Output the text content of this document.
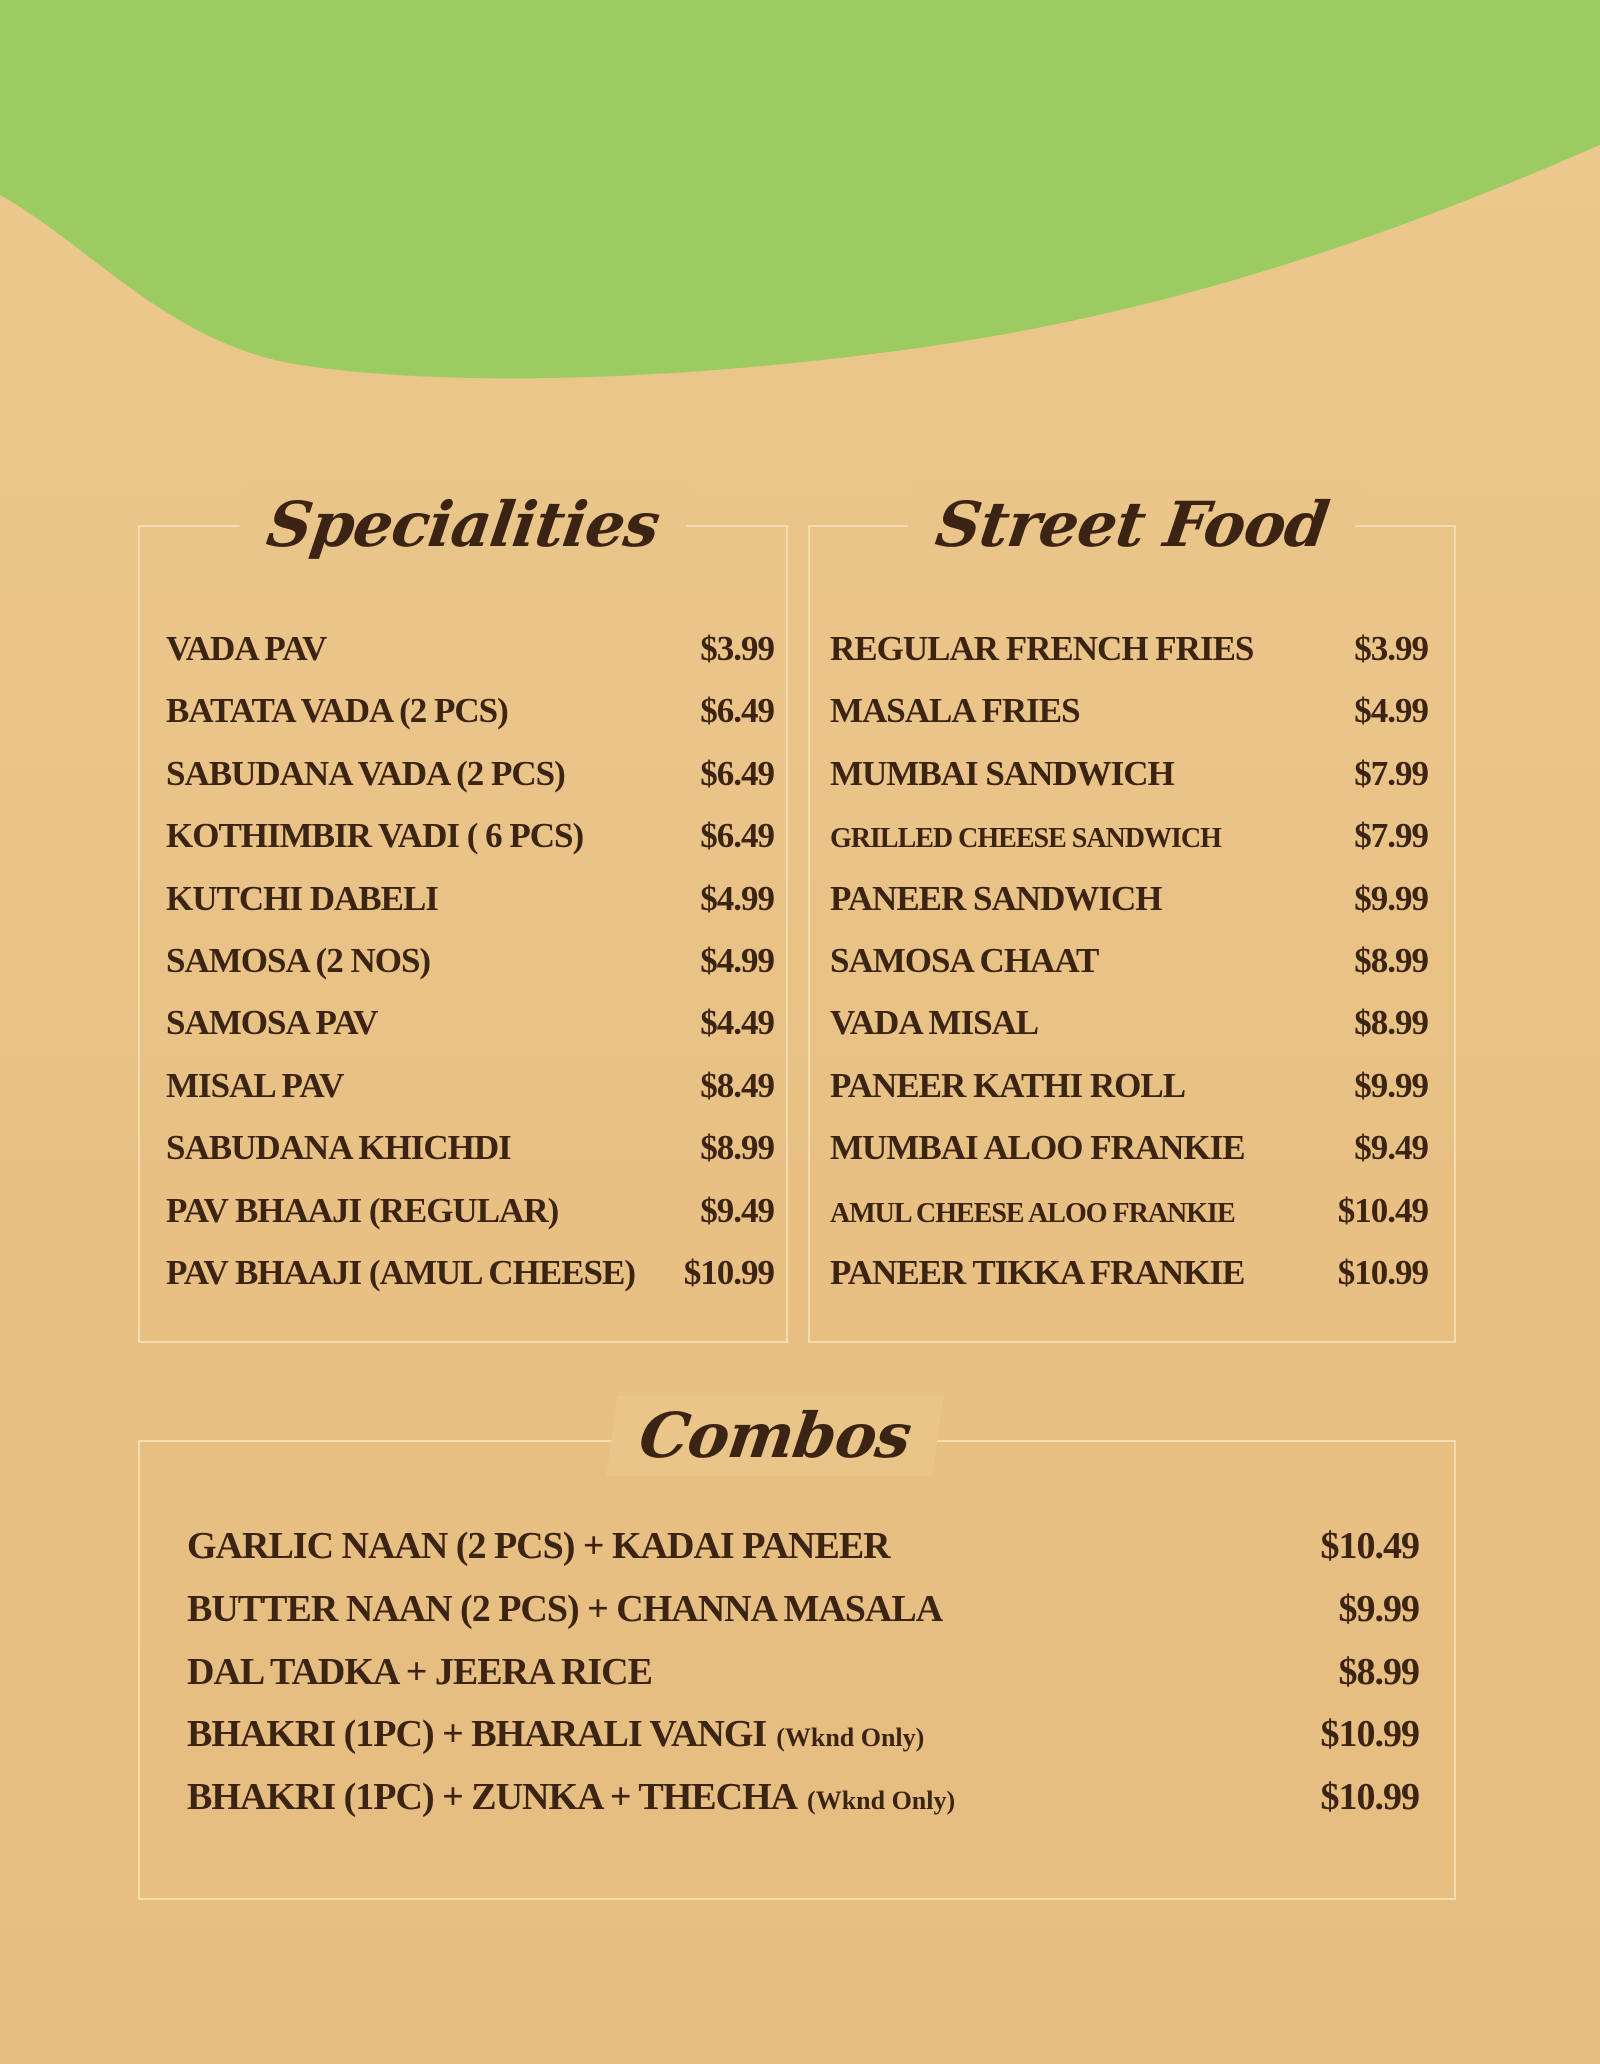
Specialities
VADA PAV	$3.99
BATATA VADA (2 PCS)	$6.49
SABUDANA VADA (2 PCS)	$6.49
KOTHIMBIR VADI ( 6 PCS)	$6.49
KUTCHI DABELI	$4.99
SAMOSA (2 NOS)	$4.99
SAMOSA PAV	$4.49
MISAL PAV	$8.49
SABUDANA KHICHDI	$8.99
PAV BHAAJI (REGULAR)	$9.49
PAV BHAAJI (AMUL CHEESE) $10.99
Street Food
REGULAR FRENCH FRIES	$3.99
MASALA FRIES	$4.99
MUMBAI SANDWICH	$7.99
GRILLED CHEESE SANDWICH	$7.99
PANEER SANDWICH	$9.99
SAMOSA CHAAT	$8.99
VADA MISAL	$8.99
PANEER KATHI ROLL	$9.99
MUMBAI ALOO FRANKIE	$9.49
AMUL CHEESE ALOO FRANKIE	$10.49
PANEER TIKKA FRANKIE	$10.99
Combos
GARLIC NAAN (2 PCS) + KADAI PANEER	$10.49
BUTTER NAAN (2 PCS) + CHANNA MASALA	$9.99
DAL TADKA + JEERA RICE	$8.99
BHAKRI (1PC) + BHARALI VANGI (Wknd Only)	$10.99
BHAKRI (1PC) + ZUNKA + THECHA (Wknd Only)	$10.99
